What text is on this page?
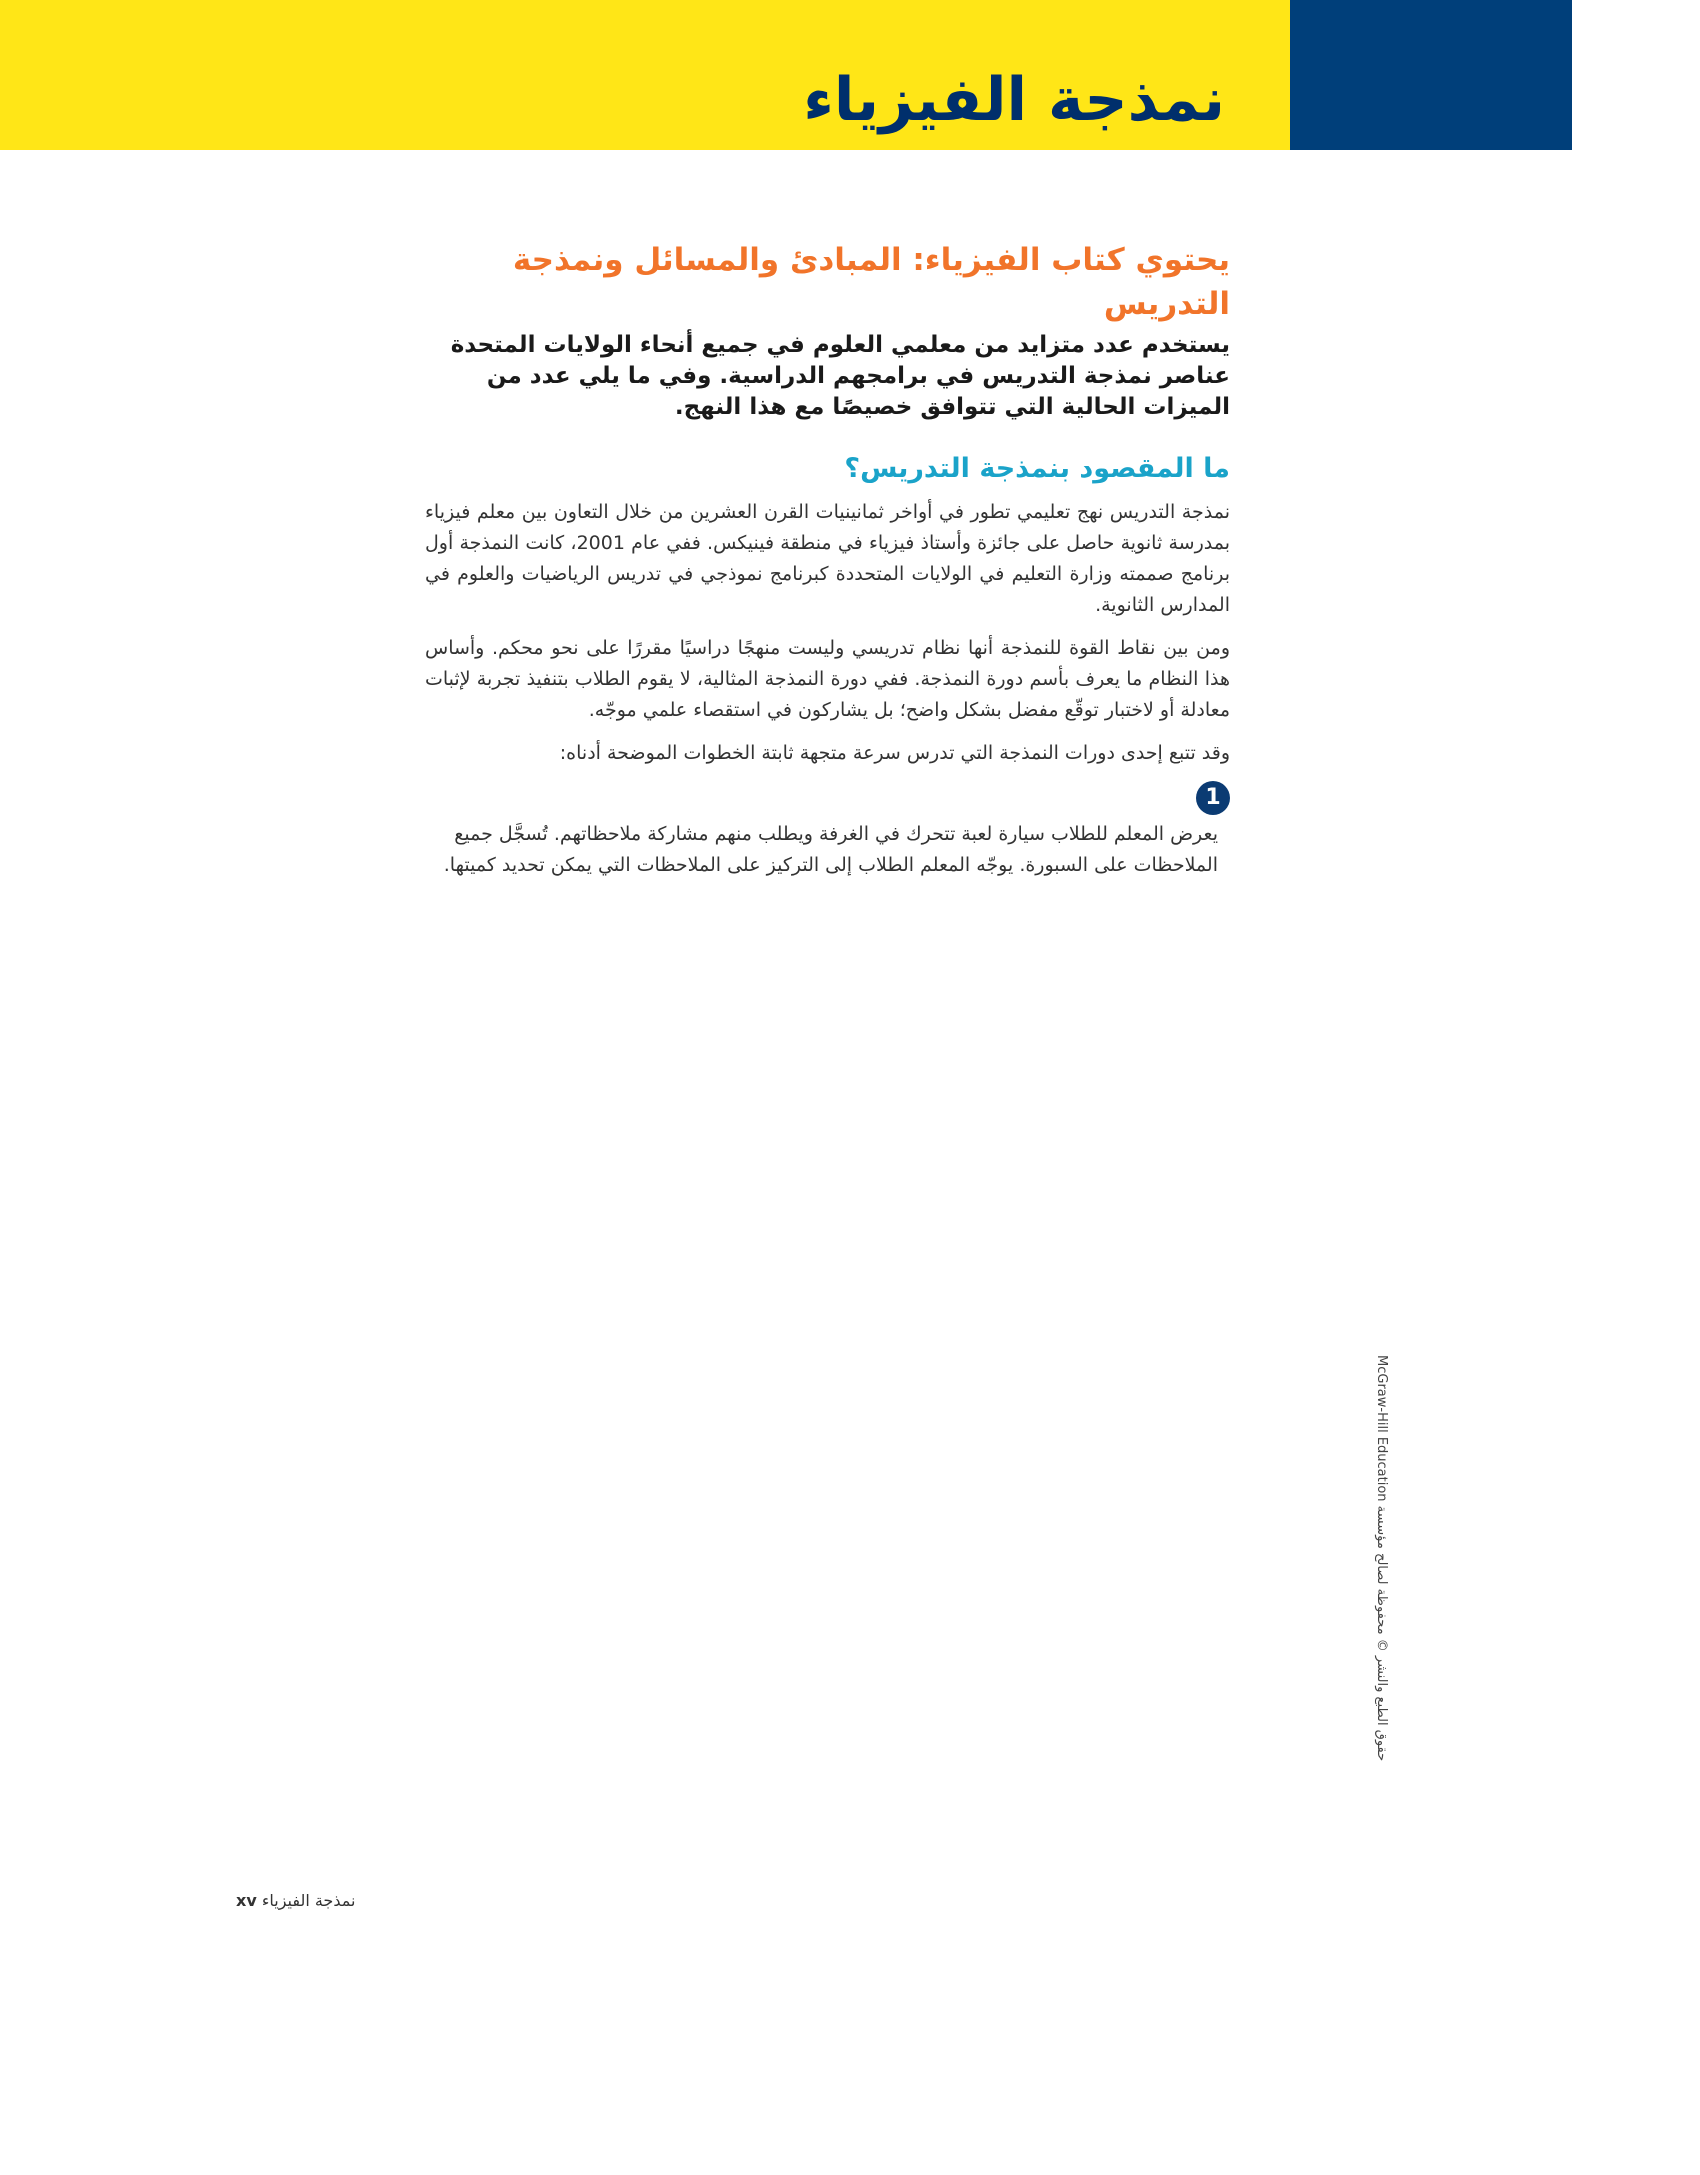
نمذجة الفيزياء
يحتوي كتاب الفيزياء: المبادئ والمسائل ونمذجة التدريس

يستخدم عدد متزايد من معلمي العلوم في جميع أنحاء الولايات المتحدة عناصر نمذجة التدريس في برامجهم الدراسية. وفي ما يلي عدد من الميزات الحالية التي تتوافق خصيصًا مع هذا النهج.

ما المقصود بنمذجة التدريس؟

نمذجة التدريس نهج تعليمي تطور في أواخر ثمانينيات القرن العشرين من خلال التعاون بين معلم فيزياء بمدرسة ثانوية حاصل على جائزة وأستاذ فيزياء في منطقة فينيكس. ففي عام 2001، كانت النمذجة أول برنامج صممته وزارة التعليم في الولايات المتحددة كبرنامج نموذجي في تدريس الرياضيات والعلوم في المدارس الثانوية.

ومن بين نقاط القوة للنمذجة أنها نظام تدريسي وليست منهجًا دراسيًا مقررًا على نحو محكم. وأساس هذا النظام ما يعرف بأسم دورة النمذجة. ففي دورة النمذجة المثالية، لا يقوم الطلاب بتنفيذ تجربة لإثبات معادلة أو لاختبار توقّع مفضل بشكل واضح؛ بل يشاركون في استقصاء علمي موجّه.

وقد تتبع إحدى دورات النمذجة التي تدرس سرعة متجهة ثابتة الخطوات الموضحة أدناه:

1

يعرض المعلم للطلاب سيارة لعبة تتحرك في الغرفة ويطلب منهم مشاركة ملاحظاتهم. تُسجَّل جميع الملاحظات على السبورة. يوجّه المعلم الطلاب إلى التركيز على الملاحظات التي يمكن تحديد كميتها.

نمذجة الفيزياء xv
حقوق الطبع والنشر © محفوظة لصالح مؤسسة McGraw-Hill Education
